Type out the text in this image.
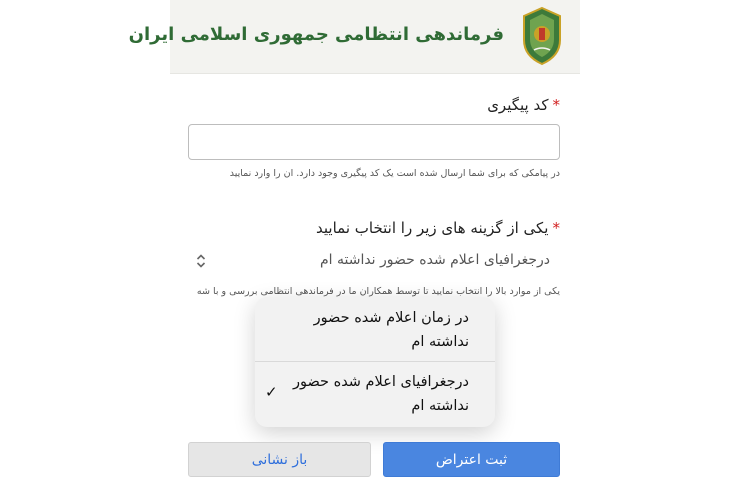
فرماندهی انتظامی جمهوری اسلامی ایران
*کد پیگیری
در پیامکی که برای شما ارسال شده است یک کد پیگیری وجود دارد. ان را وارد نمایید
*یکی از گزینه های زیر را انتخاب نمایید
درجغرافیای اعلام شده حضور نداشته ام
یکی از موارد بالا را انتخاب نمایید تا توسط همکاران ما در فرماندهی انتظامی بررسی و با شه
در زمان اعلام شده حضور نداشته ام
درجغرافیای اعلام شده حضور نداشته ام
✓
باز نشانی	ثبت اعتراض
